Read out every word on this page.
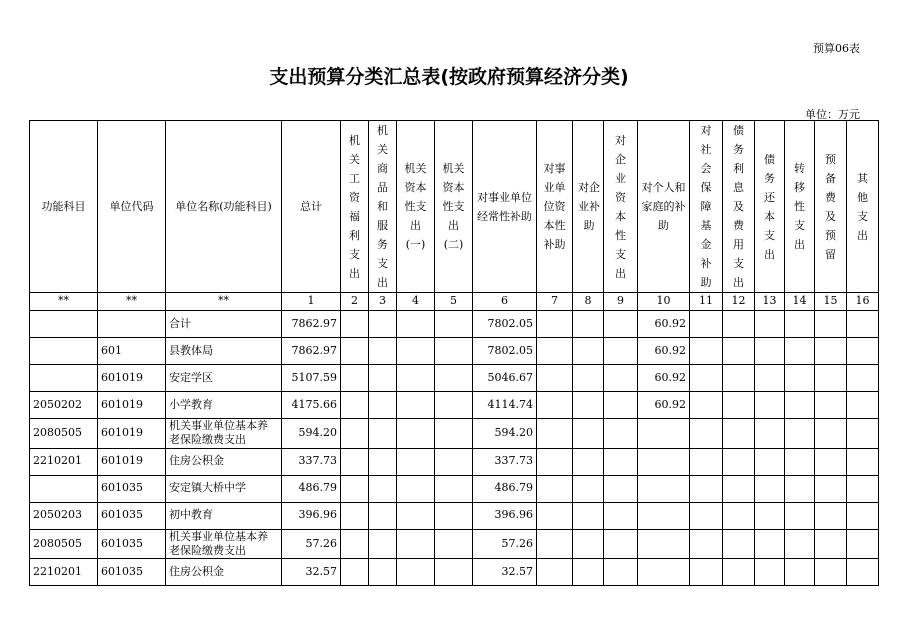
预算06表
支出预算分类汇总表(按政府预算经济分类)
单位：万元
功能科目	单位代码	单位名称(功能科目)	总计	机关工资福利支出	机关商品和服务支出	机关资本性支出(一)	机关资本性支出(二)	对事业单位经常性补助	对事业单位资本性补助	对企业补助	对企业资本性支出	对个人和家庭的补助	对社会保障基金补助	债务利息及费用支出	债务还本支出	转移性支出	预备费及预留	其他支出
**	**	**	1	2	3	4	5	6	7	8	9	10	11	12	13	14	15	16
		合计	7862.97					7802.05				60.92						
	601	县教体局	7862.97					7802.05				60.92						
	601019	安定学区	5107.59					5046.67				60.92						
2050202	601019	小学教育	4175.66					4114.74				60.92						
2080505	601019	机关事业单位基本养老保险缴费支出	594.20					594.20										
2210201	601019	住房公积金	337.73					337.73										
	601035	安定镇大桥中学	486.79					486.79										
2050203	601035	初中教育	396.96					396.96										
2080505	601035	机关事业单位基本养老保险缴费支出	57.26					57.26										
2210201	601035	住房公积金	32.57					32.57										
